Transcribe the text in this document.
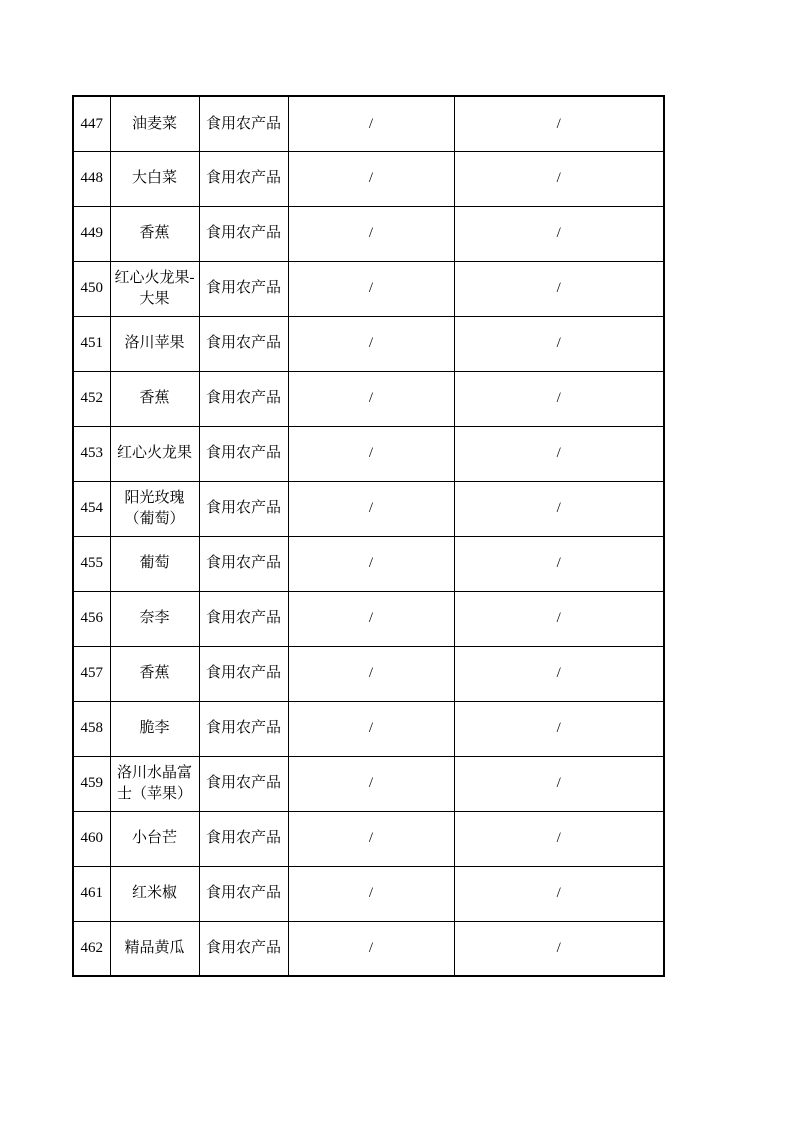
447	油麦菜	食用农产品	/	/
448	大白菜	食用农产品	/	/
449	香蕉	食用农产品	/	/
450	红心火龙果-大果	食用农产品	/	/
451	洛川苹果	食用农产品	/	/
452	香蕉	食用农产品	/	/
453	红心火龙果	食用农产品	/	/
454	阳光玫瑰（葡萄）	食用农产品	/	/
455	葡萄	食用农产品	/	/
456	奈李	食用农产品	/	/
457	香蕉	食用农产品	/	/
458	脆李	食用农产品	/	/
459	洛川水晶富士（苹果）	食用农产品	/	/
460	小台芒	食用农产品	/	/
461	红米椒	食用农产品	/	/
462	精品黄瓜	食用农产品	/	/
